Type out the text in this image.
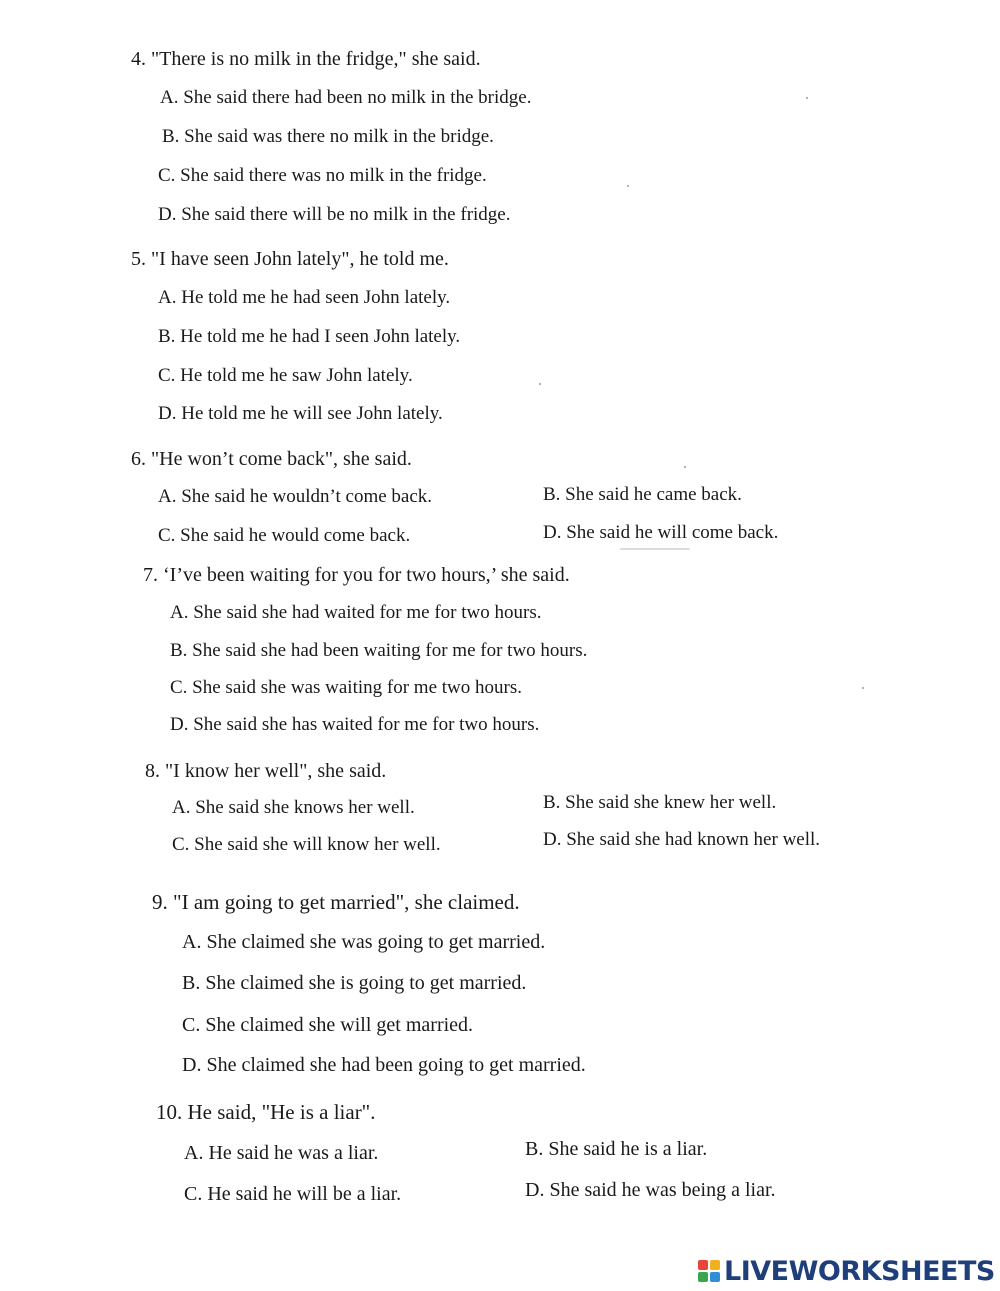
4. "There is no milk in the fridge," she said.
A. She said there had been no milk in the bridge.
B. She said was there no milk in the bridge.
C. She said there was no milk in the fridge.
D. She said there will be no milk in the fridge.
5. "I have seen John lately", he told me.
A. He told me he had seen John lately.
B. He told me he had I seen John lately.
C. He told me he saw John lately.
D. He told me he will see John lately.
6. "He won’t come back", she said.
A. She said he wouldn’t come back.	B. She said he came back.
C. She said he would come back.	D. She said he will come back.
7. ‘I’ve been waiting for you for two hours,’ she said.
A. She said she had waited for me for two hours.
B. She said she had been waiting for me for two hours.
C. She said she was waiting for me two hours.
D. She said she has waited for me for two hours.
8. "I know her well", she said.
A. She said she knows her well.	B. She said she knew her well.
C. She said she will know her well.	D. She said she had known her well.
9. "I am going to get married", she claimed.
A. She claimed she was going to get married.
B. She claimed she is going to get married.
C. She claimed she will get married.
D. She claimed she had been going to get married.
10. He said, "He is a liar".
A. He said he was a liar.	B. She said he is a liar.
C. He said he will be a liar.	D. She said he was being a liar.
LIVEWORKSHEETS
